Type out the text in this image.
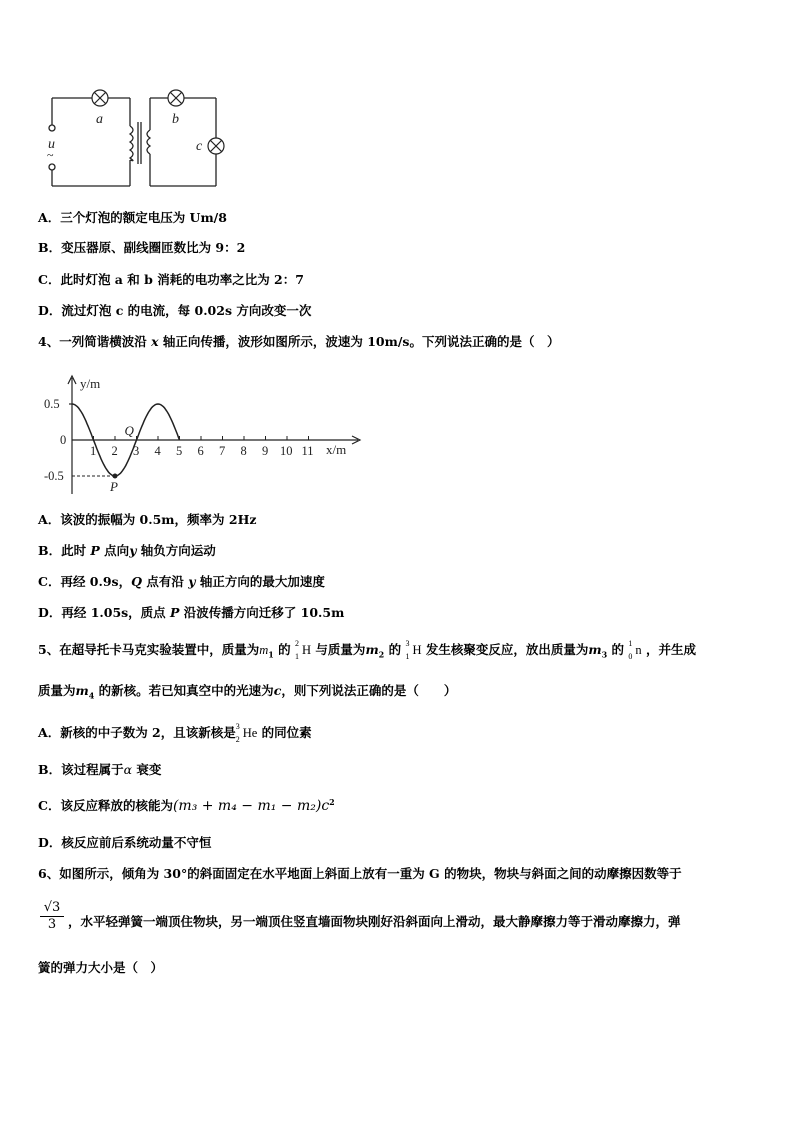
u
~
a	b
c
A．三个灯泡的额定电压为 Um/8
B．变压器原、副线圈匝数比为 9：2
C．此时灯泡 a 和 b 消耗的电功率之比为 2：7
D．流过灯泡 c 的电流，每 0.02s 方向改变一次
4、一列简谐横波沿 x 轴正向传播，波形如图所示，波速为 10m/s。下列说法正确的是（　）
1 2 3 4 5 6 7 8 9 10 11
0.5
0
-0.5
P
Q
y/m
x/m
A．该波的振幅为 0.5m，频率为 2Hz
B．此时 P 点向y 轴负方向运动
C．再经 0.9s，Q 点有沿 y 轴正方向的最大加速度
D．再经 1.05s，质点 P 沿波传播方向迁移了 10.5m
5、在超导托卡马克实验装置中，质量为$m_1$ 的 2
1 H 与质量为$m_2$ 的 3
1 H 发生核聚变反应，放出质量为$m_3$ 的 1
0 n ，并生成
质量为$m_4$ 的新核。若已知真空中的光速为c，则下列说法正确的是（　　）
A．新核的中子数为 2，且该新核是 3
2 He 的同位素
B．该过程属于α 衰变
C．该反应释放的核能为$(m_3 + m_4 - m_1 - m_2)c^2$
D．核反应前后系统动量不守恒
6、如图所示，倾角为 30°的斜面固定在水平地面上斜面上放有一重为 G 的物块，物块与斜面之间的动摩擦因数等于
$\frac{√3}{3}$ ，水平轻弹簧一端顶住物块，另一端顶住竖直墙面物块刚好沿斜面向上滑动，最大静摩擦力等于滑动摩擦力，弹
簧的弹力大小是（　）
